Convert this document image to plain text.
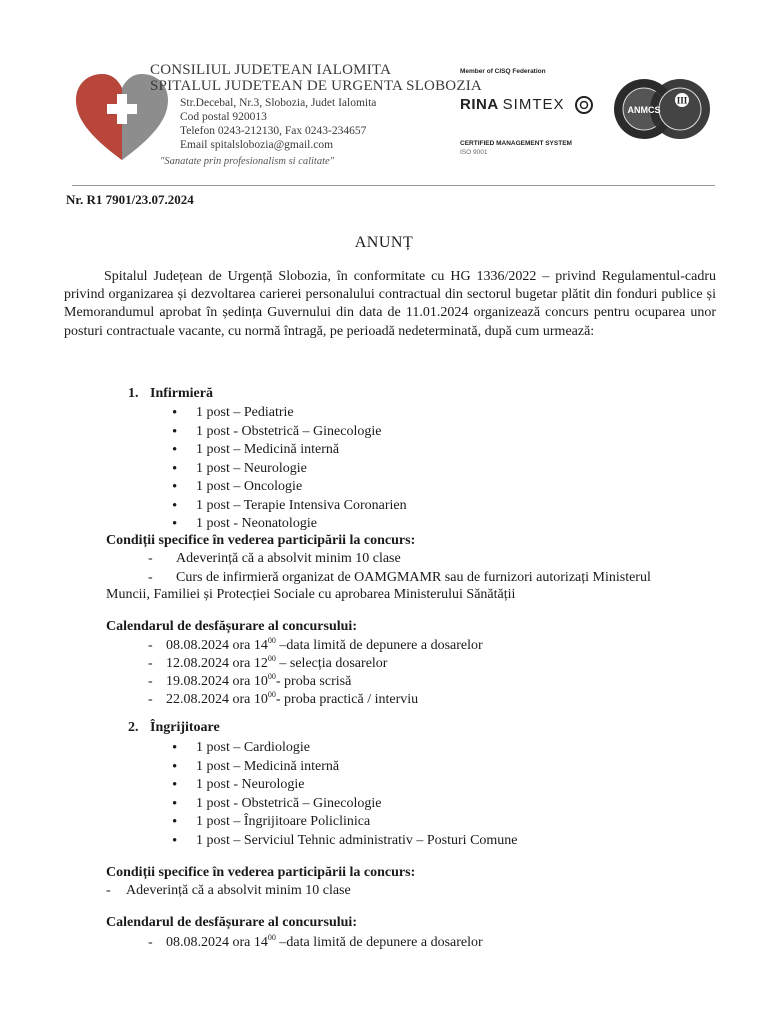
CONSILIUL JUDETEAN IALOMITA
SPITALUL JUDETEAN DE URGENTA SLOBOZIA
Str.Decebal, Nr.3, Slobozia, Judet Ialomita
Cod postal 920013
Telefon 0243-212130, Fax 0243-234657
Email spitalslobozia@gmail.com
"Sanatate prin profesionalism si calitate"
Member of CISQ Federation
RINA SIMTEX
CERTIFIED MANAGEMENT SYSTEM
ISO 9001
ANMCS
III
Nr. R1 7901/23.07.2024
ANUNȚ
Spitalul Județean de Urgență Slobozia, în conformitate cu HG 1336/2022 – privind Regulamentul-cadru privind organizarea și dezvoltarea carierei personalului contractual din sectorul bugetar plătit din fonduri publice și Memorandumul aprobat în ședința Guvernului din data de 11.01.2024 organizează concurs pentru ocuparea unor posturi contractuale vacante, cu normă întragă, pe perioadă nedeterminată, după cum urmează:
1. Infirmieră
• 1 post – Pediatrie
• 1 post - Obstetrică – Ginecologie
• 1 post – Medicină internă
• 1 post – Neurologie
• 1 post – Oncologie
• 1 post – Terapie Intensiva Coronarien
• 1 post - Neonatologie
Condiții specifice în vederea participării la concurs:
- Adeverință că a absolvit minim 10 clase
- Curs de infirmieră organizat de OAMGMAMR sau de furnizori autorizați Ministerul
Muncii, Familiei și Protecției Sociale cu aprobarea Ministerului Sănătății
Calendarul de desfășurare al concursului:
- 08.08.2024 ora $14^{00}$ –data limită de depunere a dosarelor
- 12.08.2024 ora $12^{00}$ – selecția dosarelor
- 19.08.2024 ora $10^{00}-$ proba scrisă
- 22.08.2024 ora $10^{00}-$ proba practică / interviu
2. Îngrijitoare
• 1 post – Cardiologie
• 1 post – Medicină internă
• 1 post - Neurologie
• 1 post - Obstetrică – Ginecologie
• 1 post – Îngrijitoare Policlinica
• 1 post – Serviciul Tehnic administrativ – Posturi Comune
Condiții specifice în vederea participării la concurs:
- Adeverință că a absolvit minim 10 clase
Calendarul de desfășurare al concursului:
- 08.08.2024 ora $14^{00}$ –data limită de depunere a dosarelor
